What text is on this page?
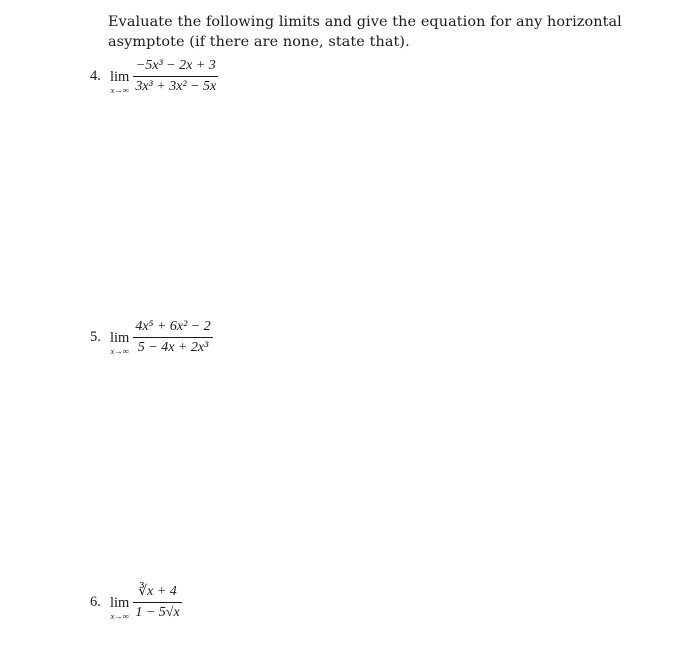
Evaluate the following limits and give the equation for any horizontal asymptote (if there are none, state that).
4. lim
$x\to\infty \frac{\text{−5x³ − 2x + 3}}{\text{3x³ + 3x² − 5x}}$
5. lim
$x\to\infty \frac{\text{4x⁵ + 6x² − 2}}{\text{5 − 4x + 2x³}}$
6. lim
$x\to\infty \frac{∛x + 4}{1 - 5√x}$
